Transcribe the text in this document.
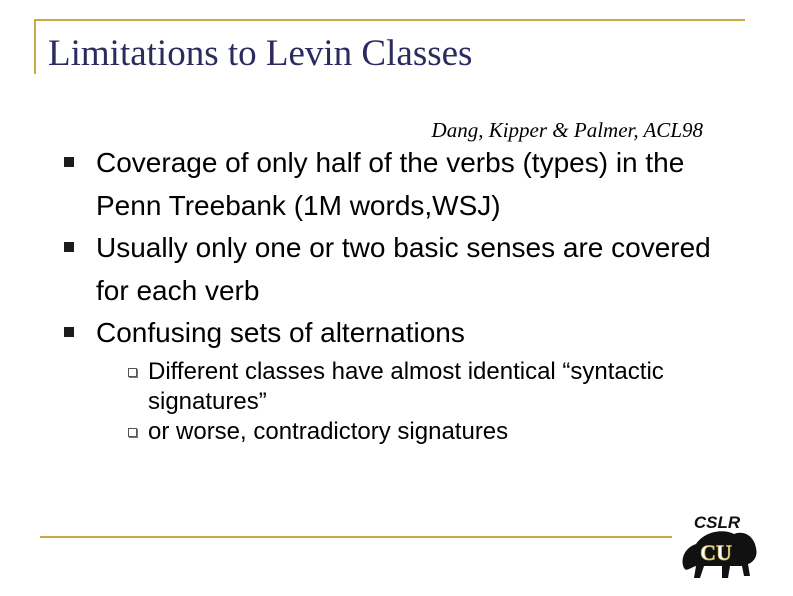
Limitations to Levin Classes
Dang, Kipper & Palmer, ACL98
Coverage of only half of the verbs (types) in the Penn Treebank (1M words,WSJ)
Usually only one or two basic senses are covered for each verb
Confusing sets of alternations
Different classes have almost identical “syntactic signatures”
or worse, contradictory signatures
CSLR
CU
